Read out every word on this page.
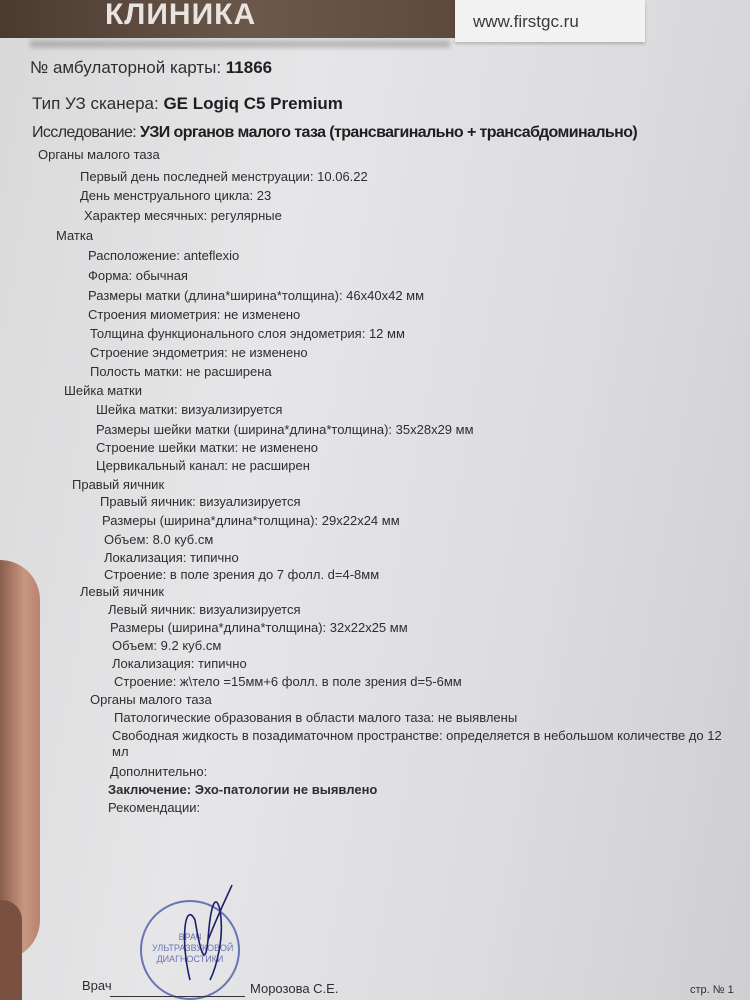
КЛИНИКА	www.firstgc.ru
№ амбулаторной карты: 11866
Тип УЗ сканера: GE Logiq C5 Premium
Исследование: УЗИ органов малого таза (трансвагинально + трансабдоминально)
Органы малого таза
Первый день последней менструации: 10.06.22
День менструального цикла: 23
Характер месячных: регулярные
Матка
Расположение: anteflexio
Форма: обычная
Размеры матки (длина*ширина*толщина): 46x40x42 мм
Строения миометрия: не изменено
Толщина функционального слоя эндометрия: 12 мм
Строение эндометрия: не изменено
Полость матки: не расширена
Шейка матки
Шейка матки: визуализируется
Размеры шейки матки (ширина*длина*толщина): 35x28x29 мм
Строение шейки матки: не изменено
Цервикальный канал: не расширен
Правый яичник
Правый яичник: визуализируется
Размеры (ширина*длина*толщина): 29x22x24 мм
Объем: 8.0 куб.см
Локализация: типично
Строение: в поле зрения до 7 фолл. d=4-8мм
Левый яичник
Левый яичник: визуализируется
Размеры (ширина*длина*толщина): 32x22x25 мм
Объем: 9.2 куб.см
Локализация: типично
Строение: ж\тело =15мм+6 фолл. в поле зрения d=5-6мм
Органы малого таза
Патологические образования в области малого таза: не выявлены
Свободная жидкость в позадиматочном пространстве: определяется в небольшом количестве до 12 мл
Дополнительно:
Заключение: Эхо-патологии не выявлено
Рекомендации:
ВРАЧ УЛЬТРАЗВУКОВОЙ ДИАГНОСТИКИ
Врач	Морозова С.Е.	стр. № 1
